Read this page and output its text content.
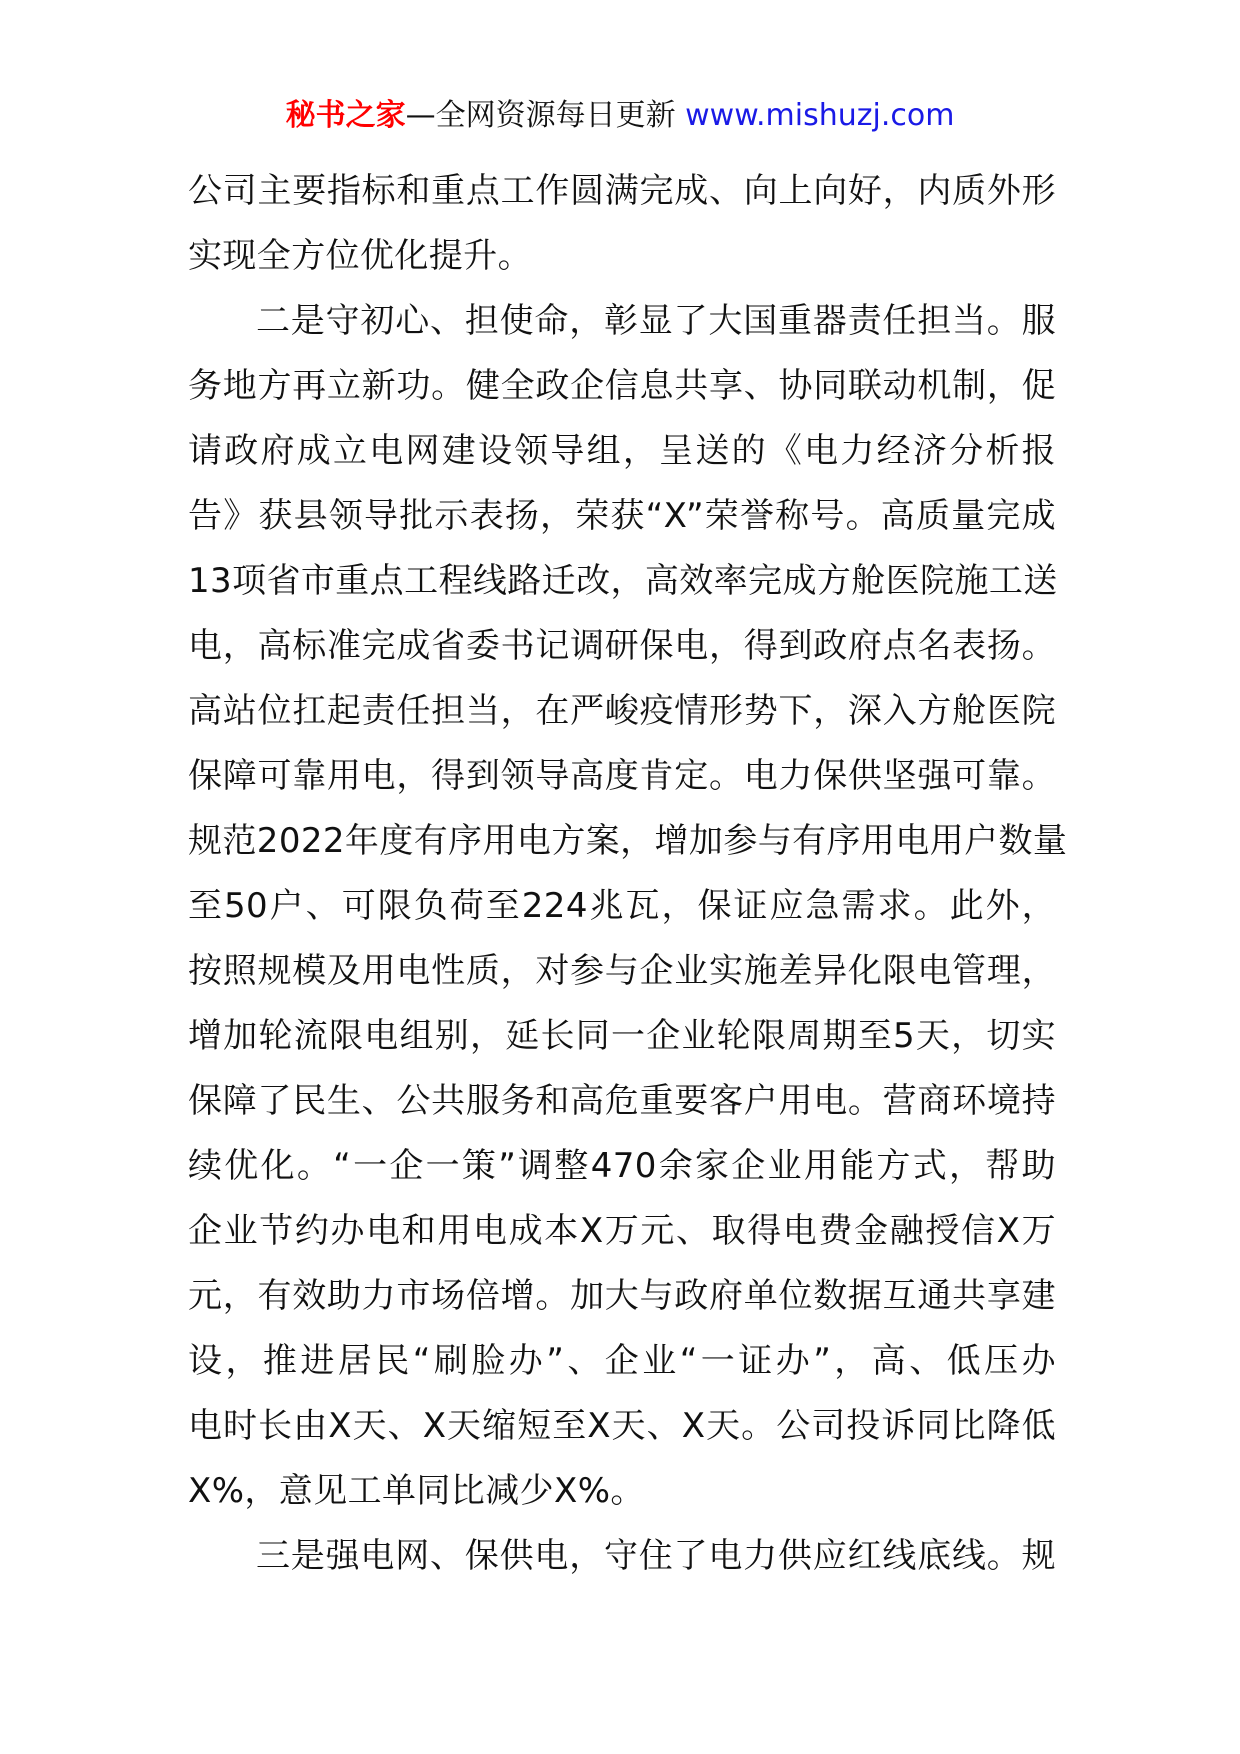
秘书之家—全网资源每日更新 www.mishuzj.com
公司主要指标和重点工作圆满完成、向上向好，内质外形
实现全方位优化提升。
二是守初心、担使命，彰显了大国重器责任担当。服
务地方再立新功。健全政企信息共享、协同联动机制，促
请政府成立电网建设领导组，呈送的《电力经济分析报
告》获县领导批示表扬，荣获“X”荣誉称号。高质量完成
13项省市重点工程线路迁改，高效率完成方舱医院施工送
电，高标准完成省委书记调研保电，得到政府点名表扬。
高站位扛起责任担当，在严峻疫情形势下，深入方舱医院
保障可靠用电，得到领导高度肯定。电力保供坚强可靠。
规范2022年度有序用电方案，增加参与有序用电用户数量
至50户、可限负荷至224兆瓦，保证应急需求。此外，
按照规模及用电性质，对参与企业实施差异化限电管理，
增加轮流限电组别，延长同一企业轮限周期至5天，切实
保障了民生、公共服务和高危重要客户用电。营商环境持
续优化。“一企一策”调整470余家企业用能方式，帮助
企业节约办电和用电成本X万元、取得电费金融授信X万
元，有效助力市场倍增。加大与政府单位数据互通共享建
设，推进居民“刷脸办”、企业“一证办”，高、低压办
电时长由X天、X天缩短至X天、X天。公司投诉同比降低
X%，意见工单同比减少X%。
三是强电网、保供电，守住了电力供应红线底线。规
